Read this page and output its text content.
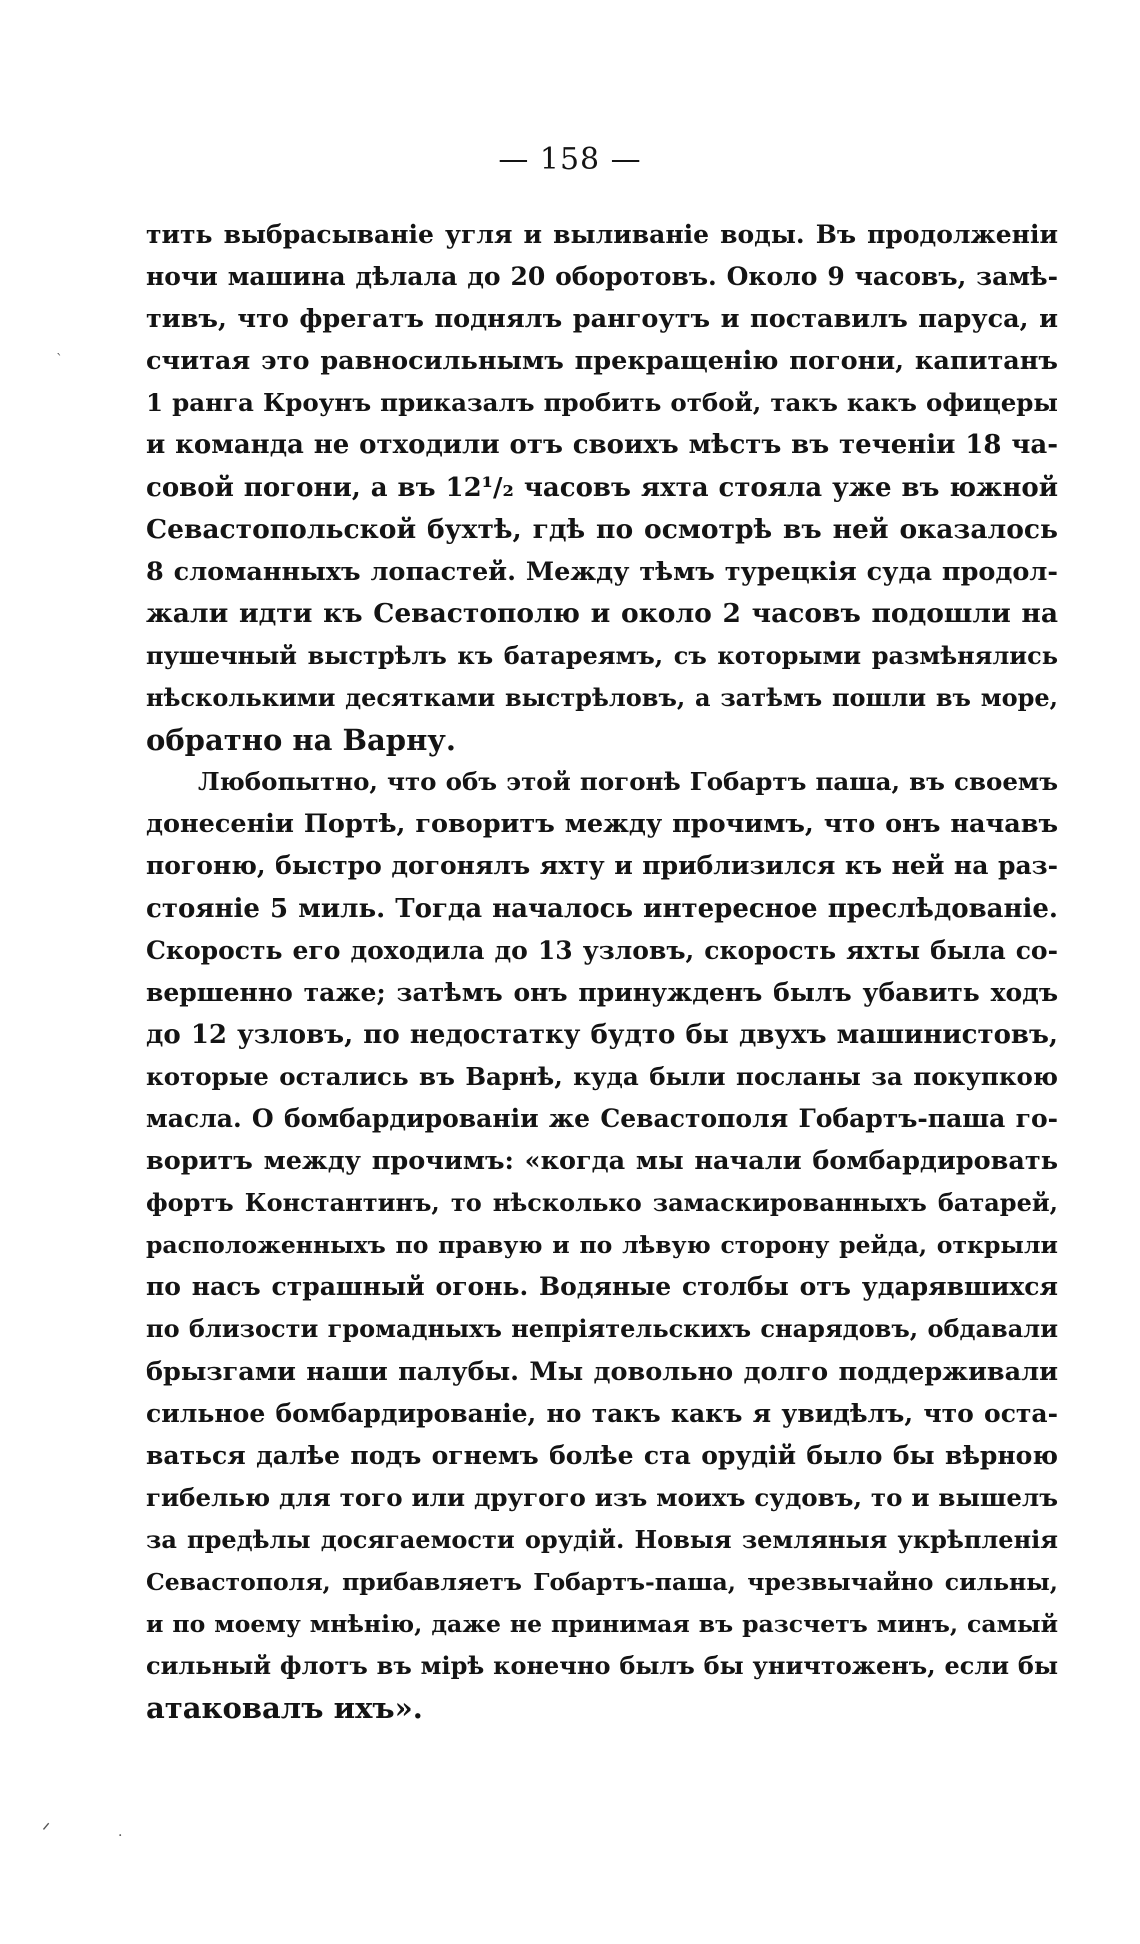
— 158 —
тить выбрасываніе угля и выливаніе воды. Въ продолженіи
ночи машина дѣлала до 20 оборотовъ. Около 9 часовъ, замѣ-
тивъ, что фрегатъ поднялъ рангоутъ и поставилъ паруса, и
считая это равносильнымъ прекращенію погони, капитанъ
1 ранга Кроунъ приказалъ пробить отбой, такъ какъ офицеры
и команда не отходили отъ своихъ мѣстъ въ теченіи 18 ча-
совой погони, а въ 12¹/₂ часовъ яхта стояла уже въ южной
Севастопольской бухтѣ, гдѣ по осмотрѣ въ ней оказалось
8 сломанныхъ лопастей. Между тѣмъ турецкія суда продол-
жали идти къ Севастополю и около 2 часовъ подошли на
пушечный выстрѣлъ къ батареямъ, съ которыми размѣнялись
нѣсколькими десятками выстрѣловъ, а затѣмъ пошли въ море,
обратно на Варну.
Любопытно, что объ этой погонѣ Гобартъ паша, въ своемъ
донесеніи Портѣ, говоритъ между прочимъ, что онъ начавъ
погоню, быстро догонялъ яхту и приблизился къ ней на раз-
стояніе 5 миль. Тогда началось интересное преслѣдованіе.
Скорость его доходила до 13 узловъ, скорость яхты была со-
вершенно таже; затѣмъ онъ принужденъ былъ убавить ходъ
до 12 узловъ, по недостатку будто бы двухъ машинистовъ,
которые остались въ Варнѣ, куда были посланы за покупкою
масла. О бомбардированіи же Севастополя Гобартъ-паша го-
воритъ между прочимъ: «когда мы начали бомбардировать
фортъ Константинъ, то нѣсколько замаскированныхъ батарей,
расположенныхъ по правую и по лѣвую сторону рейда, открыли
по насъ страшный огонь. Водяные столбы отъ ударявшихся
по близости громадныхъ непріятельскихъ снарядовъ, обдавали
брызгами наши палубы. Мы довольно долго поддерживали
сильное бомбардированіе, но такъ какъ я увидѣлъ, что оста-
ваться далѣе подъ огнемъ болѣе ста орудій было бы вѣрною
гибелью для того или другого изъ моихъ судовъ, то и вышелъ
за предѣлы досягаемости орудій. Новыя земляныя укрѣпленія
Севастополя, прибавляетъ Гобартъ-паша, чрезвычайно сильны,
и по моему мнѣнію, даже не принимая въ разсчетъ минъ, самый
сильный флотъ въ мірѣ конечно былъ бы уничтоженъ, если бы
атаковалъ ихъ».
`
ᐟ	·
